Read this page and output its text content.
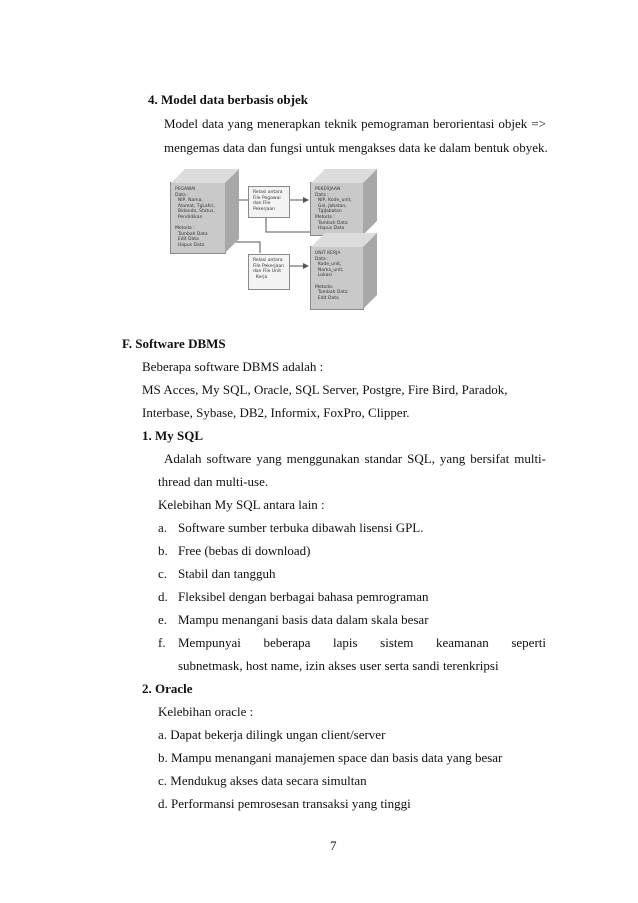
4. Model data berbasis objek
Model data yang menerapkan teknik pemograman berorientasi objek =>
mengemas data dan fungsi untuk mengakses data ke dalam bentuk obyek.
PEGAWAI
Data :
NIP, Nama,
Alamat, TgLahir,
Bidanda, Status,
Pendidikan

Metoda :
Tambah Data
Edit Data
Hapus Data
Relasi antara
File Pegawai
dan File
Pekerjaan
PEKERJAAN
Data :
NIP, Kode_unit,
Gol, Jabatan,
TglJabatan
Metoda :
Tambah Data
Hapus Data
Relasi antara
File Pekerjaan
dan File Unit
Kerja
UNIT KERJA
Data :
Kode_unit,
Nama_unit,
Lokasi

Metoda:
Tambah Data
Edit Data
F. Software DBMS
Beberapa software DBMS adalah :
MS Acces, My SQL, Oracle, SQL Server, Postgre, Fire Bird, Paradok,
Interbase, Sybase, DB2, Informix, FoxPro, Clipper.
1. My SQL
Adalah software yang menggunakan standar SQL, yang bersifat multi-
thread dan multi-use.
Kelebihan My SQL antara lain :
a. Software sumber terbuka dibawah lisensi GPL.
b. Free (bebas di download)
c. Stabil dan tangguh
d. Fleksibel dengan berbagai bahasa pemrograman
e. Mampu menangani basis data dalam skala besar
f. Mempunyai beberapa lapis sistem keamanan seperti
subnetmask, host name, izin akses user serta sandi terenkripsi
2. Oracle
Kelebihan oracle :
a. Dapat bekerja dilingk ungan client/server
b. Mampu menangani manajemen space dan basis data yang besar
c. Mendukug akses data secara simultan
d. Performansi pemrosesan transaksi yang tinggi
7
